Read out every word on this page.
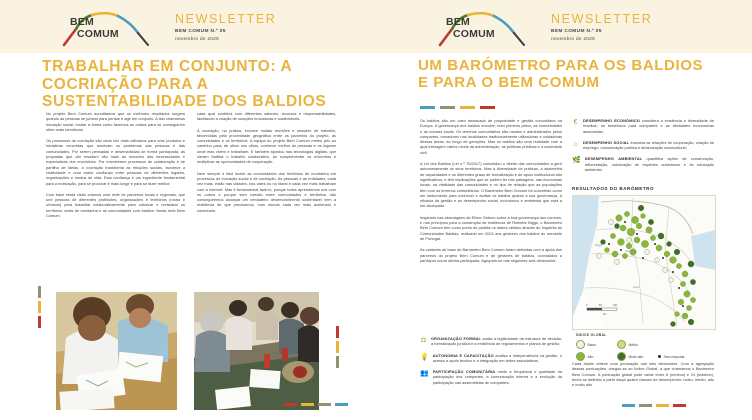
BEM
COMUM
NEWSLETTER
BEM COMUM N.º 05
novembro de 2025
TRABALHAR EM CONJUNTO: A COCRIAÇÃO PARA A SUSTENTABILIDADE DOS BALDIOS

No projeto Bem Comum acreditamos que os melhores resultados surgem quando as pessoas se juntam para pensar e agir em conjunto. A isto chamamos inovação social: mudar a forma como fazemos as coisas para se conseguirem obter mais benefícios.

Os processos de cocriação são cada vez mais utilizados para criar produtos e iniciativas concretas que resolvam os problemas das pessoas e das comunidades. Por serem pensadas e desenvolvidas de forma participada, as propostas que daí resultam vão mais ao encontro das necessidades e expectativas dos envolvidos. Por envolverem processos de colaboração e de partilha de ideias, a cocriação transforma as relações sociais, favorece a criatividade e uma maior confiança entre pessoas de diferentes lugares, organizações e modos de vida. Esta confiança é um ingrediente fundamental para a motivação, para se procurar ir mais longe e para se fazer melhor.

Com base nesta visão criamos uma rede de parceiros locais e regionais, que une pessoas de diferentes profissões, organizações e territórios (rurais e urbanos) para trabalhar colaborativamente para valorizar e revitalizar os territórios rurais de montanha e as comunidades com baldios. Nesta rede Bem Comum

cada qual contribui com diferentes saberes, recursos e responsabilidades, facilitando a criação de soluções inovadoras e sustentáveis.

A cocriação, na prática, envolve muitas reuniões e sessões de trabalho, favorecidas pela proximidade geográfica entre os parceiros do projeto, as comunidades e os territórios. A equipa do projeto Bem Comum meteu pés ao caminho para, de olhos nos olhos, conhecer melhor as pessoas e os lugares onde elas vivem e trabalham. E também apostou nas tecnologias digitais, que vieram facilitar o trabalho colaborativo, ao complementar os encontros e multiplicar as oportunidades de cooperação.

Nem sempre é fácil incluir as comunidades dos territórios de montanha em processos de inovação social e de cocriação. As pessoas e as entidades, cada vez mais, estão nas cidades, nos vales ou no litoral e cada vez mais trabalham com a Internet. Mas é fundamental fazê-lo, porque todos aprendemos uns com os outros e porque sem coesão entre comunidades e territórios não conseguiremos alcançar um verdadeiro desenvolvimento sustentável nem a resiliência de que precisamos, num mundo cada vez mais acelerado e conectado.

BEM
COMUM
NEWSLETTER
BEM COMUM N.º 05
novembro de 2025
UM BARÓMETRO PARA OS BALDIOS E PARA O BEM COMUM

Os baldios são um caso destacado de propriedade e gestão comunitária na Europa. A governança dos baldios envolve, num primeiro plano, as comunidades e as normas locais. Os terrenos comunitários são usados e administrados pelos compartes, moradores nas localidades tradicionalmente utilizadoras e cuidadoras dessas áreas, ao longo de gerações. Mas os baldios são uma realidade com a qual interagem vários níveis da administração, as políticas públicas e a sociedade civil.

A Lei dos Baldios (Lei n.º 75/2017) consolidou o direito das comunidades a gerir autonomamente os seus territórios. Mas a diversidade de práticas, a assimetria de capacidades e os diferentes graus de formalização e de apoio institucional são significativos, e têm implicações que se podem ler nas paisagens, nas economias locais, na vitalidade das comunidades e no tipo de relação que as populações têm com os terrenos comunitários. O Barómetro Bem Comum foi concebido como um instrumento para conhecer e avaliar os baldios quanto à sua governança, à eficácia da gestão e ao desempenho social, económico e ambiental que está a ser alcançado.

Inspirado nas abordagens de Elinor Ostrom sobre a boa governança dos comuns, e nos princípios para a construção de resiliência de Reinette Biggs, o Barómetro Bem Comum tem como ponto de partida os dados obtidos através do Inquérito às Comunidades Baldias, realizado em 2024 aos gestores dos baldios do noroeste de Portugal.

As variáveis de base do Barómetro Bem Comum foram definidas com a ajuda dos parceiros do projeto Bem Comum e de gestores de baldios, convidados a participar numa oficina participada. Agrupam-se nas seguintes seis dimensões:

⚖ ORGANIZAÇÃO FORMAL avalia a legitimidade da estrutura de decisão, a formalização jurídica e a existência de regulamentos e planos de gestão;
💡 AUTONOMIA E CAPACITAÇÃO analisa a independência na gestão, o acesso a apoio técnico e a integração em redes associativas;
👥 PARTICIPAÇÃO COMUNITÁRIA mede a frequência e qualidade da participação dos compartes, a comunicação interna e a evolução da participação nas assembleias de compartes;
€	DESEMPENHO ECONÓMICO considera a existência e diversidade de receitas, os benefícios para compartes e as atividades económicas associadas;
⌂	DESEMPENHO SOCIAL examina as relações de cooperação, criação de emprego, comunicação pública e dinamização sociocultural;
🌿 DESEMPENHO AMBIENTAL quantifica ações de conservação, reflorestação, valorização de espécies autóctones e de educação ambiental.
RESULTADOS DO BARÓMETRO
Vila Real
Braga
Viseu
0	50	100
km
ÍNDICE GLOBAL
Baixo	Médio
Alto	Muito alto	Sem resposta
Cada baldio obteve uma pontuação nas seis dimensões. Com a agregação dessas pontuações, chegou-se ao Índice Global, a que chamámos o Barómetro Bem Comum. A pontuação global pode variar entre 6 (mínimo) e 24 (máximo), tendo se definido a partir daqui quatro classes de desempenho: baixo, médio, alto e muito alto.
